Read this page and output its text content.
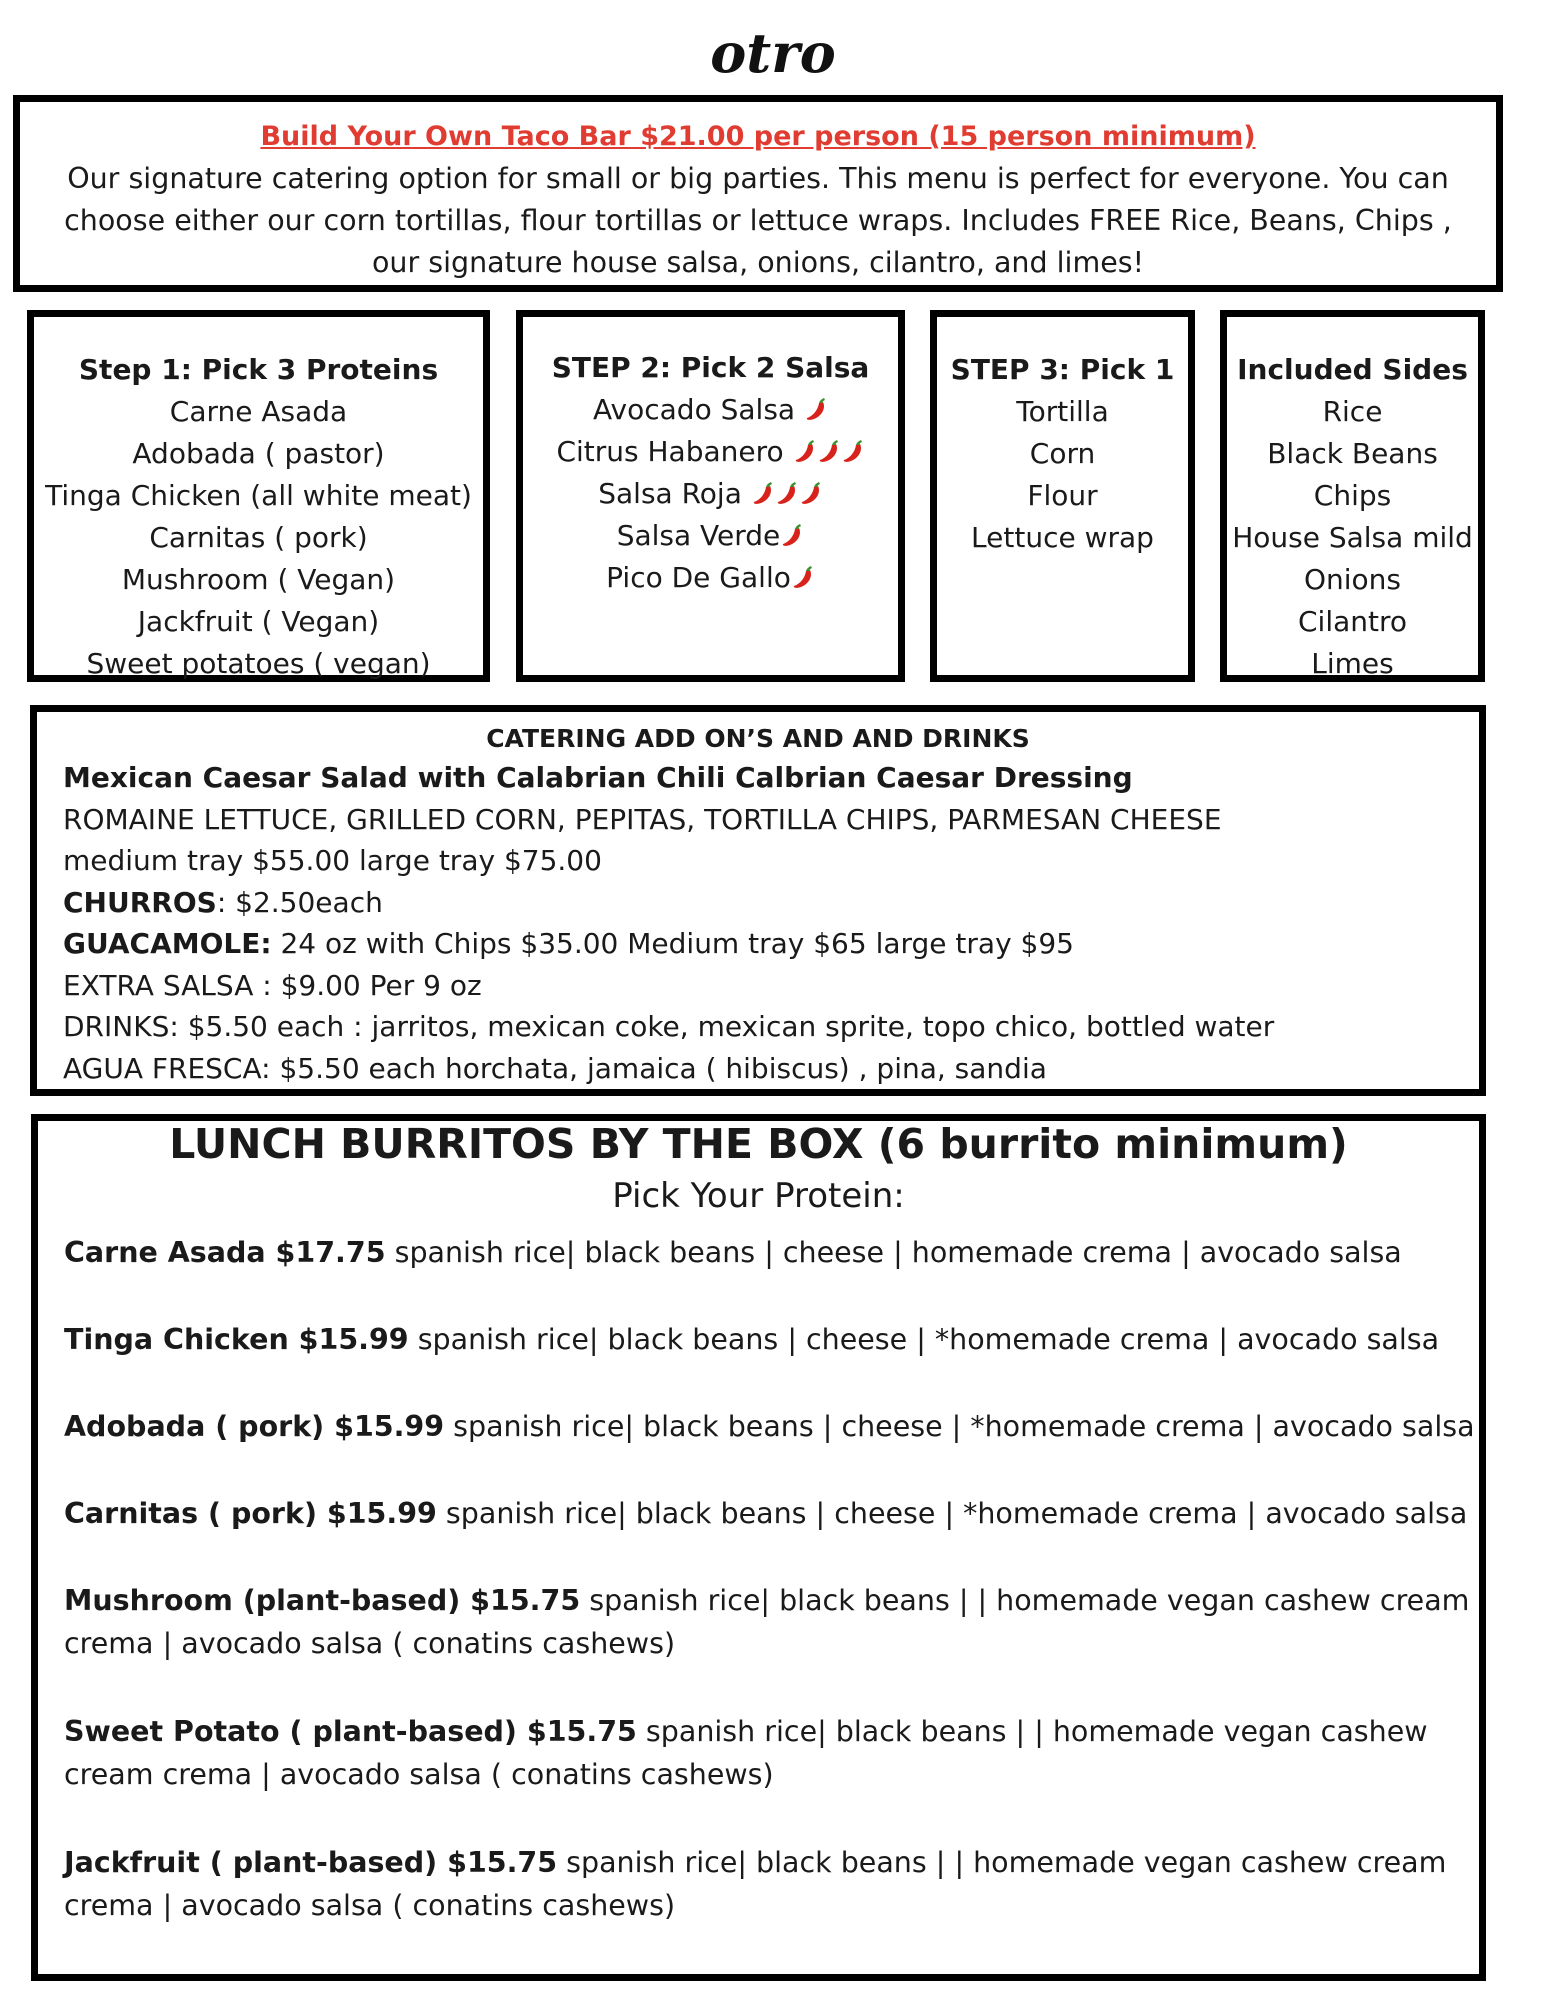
otro

Build Your Own Taco Bar $21.00 per person (15 person minimum)

Our signature catering option for small or big parties. This menu is perfect for everyone. You can

choose either our corn tortillas, flour tortillas or lettuce wraps. Includes FREE Rice, Beans, Chips ,

our signature house salsa, onions, cilantro, and limes!

Step 1: Pick 3 Proteins

Carne Asada

Adobada ( pastor)

Tinga Chicken (all white meat)

Carnitas ( pork)

Mushroom ( Vegan)

Jackfruit ( Vegan)

Sweet potatoes ( vegan)

STEP 2: Pick 2 Salsa

Avocado Salsa

Citrus Habanero

Salsa Roja

Salsa Verde

Pico De Gallo

STEP 3: Pick 1

Tortilla

Corn

Flour

Lettuce wrap

Included Sides

Rice

Black Beans

Chips

House Salsa mild

Onions

Cilantro

Limes

CATERING ADD ON’S AND AND DRINKS

Mexican Caesar Salad with Calabrian Chili Calbrian Caesar Dressing

ROMAINE LETTUCE, GRILLED CORN, PEPITAS, TORTILLA CHIPS, PARMESAN CHEESE

medium tray $55.00 large tray $75.00

CHURROS: $2.50each

GUACAMOLE: 24 oz with Chips $35.00 Medium tray $65 large tray $95

EXTRA SALSA : $9.00 Per 9 oz

DRINKS: $5.50 each : jarritos, mexican coke, mexican sprite, topo chico, bottled water

AGUA FRESCA: $5.50 each horchata, jamaica ( hibiscus) , pina, sandia

LUNCH BURRITOS BY THE BOX (6 burrito minimum)

Pick Your Protein:

Carne Asada $17.75 spanish rice| black beans | cheese | homemade crema | avocado salsa

Tinga Chicken $15.99 spanish rice| black beans | cheese | *homemade crema | avocado salsa

Adobada ( pork) $15.99 spanish rice| black beans | cheese | *homemade crema | avocado salsa

Carnitas ( pork) $15.99 spanish rice| black beans | cheese | *homemade crema | avocado salsa

Mushroom (plant-based) $15.75 spanish rice| black beans | | homemade vegan cashew cream

crema | avocado salsa ( conatins cashews)

Sweet Potato ( plant-based) $15.75 spanish rice| black beans | | homemade vegan cashew

cream crema | avocado salsa ( conatins cashews)

Jackfruit ( plant-based) $15.75 spanish rice| black beans | | homemade vegan cashew cream

crema | avocado salsa ( conatins cashews)
